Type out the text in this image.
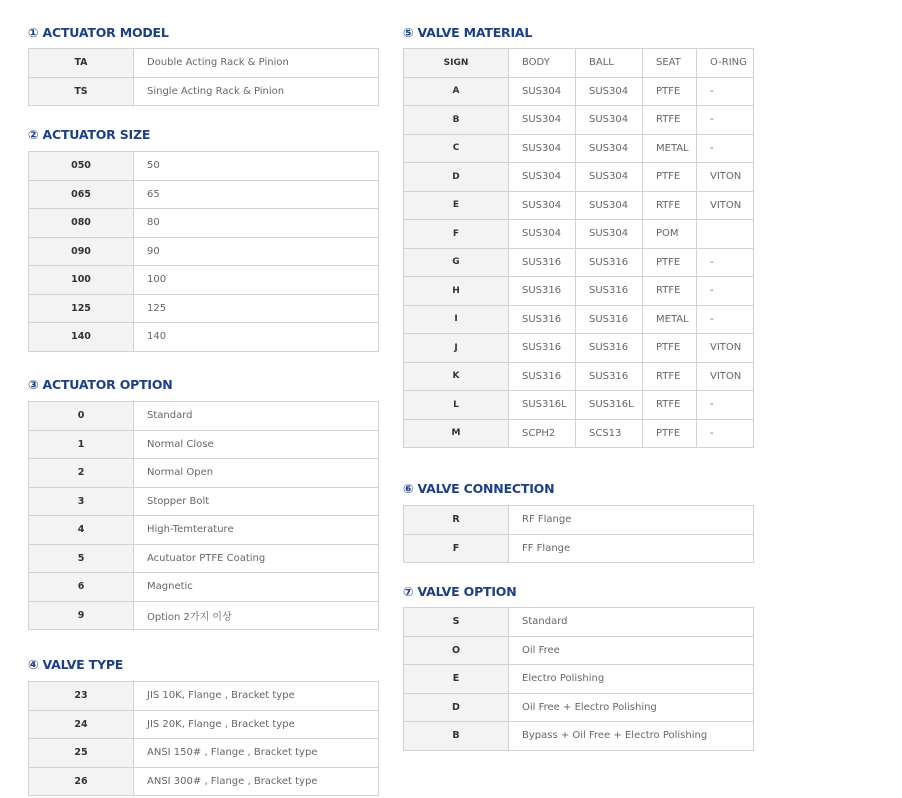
① ACTUATOR MODEL
TA	Double Acting Rack & Pinion
TS	Single Acting Rack & Pinion
② ACTUATOR SIZE
050	50
065	65
080	80
090	90
100	100
125	125
140	140
③ ACTUATOR OPTION
0	Standard
1	Normal Close
2	Normal Open
3	Stopper Bolt
4	High-Temterature
5	Acutuator PTFE Coating
6	Magnetic
9	Option 2가지 이상
④ VALVE TYPE
23	JIS 10K, Flange , Bracket type
24	JIS 20K, Flange , Bracket type
25	ANSI 150# , Flange , Bracket type
26	ANSI 300# , Flange , Bracket type
⑤ VALVE MATERIAL
SIGN	BODY	BALL	SEAT	O-RING
A	SUS304	SUS304	PTFE	-
B	SUS304	SUS304	RTFE	-
C	SUS304	SUS304	METAL	-
D	SUS304	SUS304	PTFE	VITON
E	SUS304	SUS304	RTFE	VITON
F	SUS304	SUS304	POM	
G	SUS316	SUS316	PTFE	-
H	SUS316	SUS316	RTFE	-
I	SUS316	SUS316	METAL	-
J	SUS316	SUS316	PTFE	VITON
K	SUS316	SUS316	RTFE	VITON
L	SUS316L	SUS316L	RTFE	-
M	SCPH2	SCS13	PTFE	-
⑥ VALVE CONNECTION
R	RF Flange
F	FF Flange
⑦ VALVE OPTION
S	Standard
O	Oil Free
E	Electro Polishing
D	Oil Free + Electro Polishing
B	Bypass + Oil Free + Electro Polishing
